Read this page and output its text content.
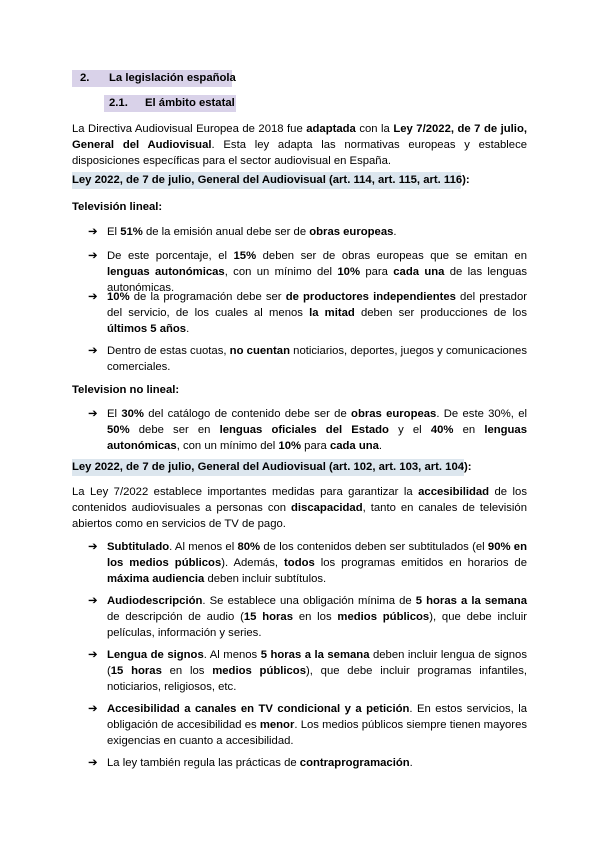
2. La legislación española
2.1. El ámbito estatal
La Directiva Audiovisual Europea de 2018 fue adaptada con la Ley 7/2022, de 7 de julio, General del Audiovisual. Esta ley adapta las normativas europeas y establece disposiciones específicas para el sector audiovisual en España.
Ley 2022, de 7 de julio, General del Audiovisual (art. 114, art. 115, art. 116):
Televisión lineal:
➔ El 51% de la emisión anual debe ser de obras europeas.
➔ De este porcentaje, el 15% deben ser de obras europeas que se emitan en lenguas autonómicas, con un mínimo del 10% para cada una de las lenguas autonómicas.
➔ 10% de la programación debe ser de productores independientes del prestador del servicio, de los cuales al menos la mitad deben ser producciones de los últimos 5 años.
➔ Dentro de estas cuotas, no cuentan noticiarios, deportes, juegos y comunicaciones comerciales.
Television no lineal:
➔ El 30% del catálogo de contenido debe ser de obras europeas. De este 30%, el 50% debe ser en lenguas oficiales del Estado y el 40% en lenguas autonómicas, con un mínimo del 10% para cada una.
Ley 2022, de 7 de julio, General del Audiovisual (art. 102, art. 103, art. 104):
La Ley 7/2022 establece importantes medidas para garantizar la accesibilidad de los contenidos audiovisuales a personas con discapacidad, tanto en canales de televisión abiertos como en servicios de TV de pago.
➔ Subtitulado. Al menos el 80% de los contenidos deben ser subtitulados (el 90% en los medios públicos). Además, todos los programas emitidos en horarios de máxima audiencia deben incluir subtítulos.
➔ Audiodescripción. Se establece una obligación mínima de 5 horas a la semana de descripción de audio (15 horas en los medios públicos), que debe incluir películas, información y series.
➔ Lengua de signos. Al menos 5 horas a la semana deben incluir lengua de signos (15 horas en los medios públicos), que debe incluir programas infantiles, noticiarios, religiosos, etc.
➔ Accesibilidad a canales en TV condicional y a petición. En estos servicios, la obligación de accesibilidad es menor. Los medios públicos siempre tienen mayores exigencias en cuanto a accesibilidad.
➔ La ley también regula las prácticas de contraprogramación.
